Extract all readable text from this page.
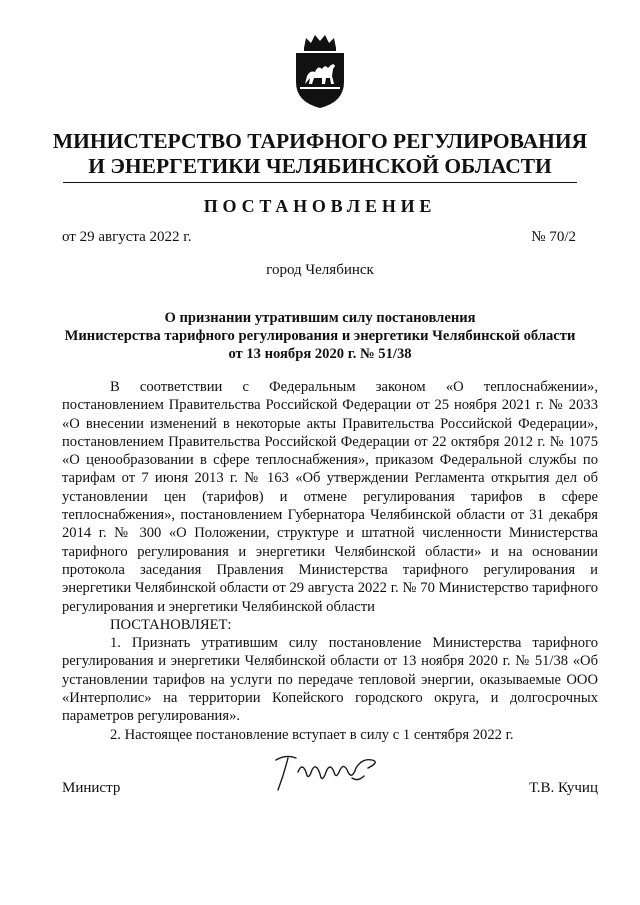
МИНИСТЕРСТВО ТАРИФНОГО РЕГУЛИРОВАНИЯ
И ЭНЕРГЕТИКИ ЧЕЛЯБИНСКОЙ ОБЛАСТИ
ПОСТАНОВЛЕНИЕ
от 29 августа 2022 г.	№ 70/2
город Челябинск
О признании утратившим силу постановления
Министерства тарифного регулирования и энергетики Челябинской области
от 13 ноября 2020 г. № 51/38

В соответствии с Федеральным законом «О теплоснабжении», постановлением Правительства Российской Федерации от 25 ноября 2021 г. № 2033 «О внесении изменений в некоторые акты Правительства Российской Федерации», постановлением Правительства Российской Федерации от 22 октября 2012 г. № 1075 «О ценообразовании в сфере теплоснабжения», приказом Федеральной службы по тарифам от 7 июня 2013 г. № 163 «Об утверждении Регламента открытия дел об установлении цен (тарифов) и отмене регулирования тарифов в сфере теплоснабжения», постановлением Губернатора Челябинской области от 31 декабря 2014 г. № 300 «О Положении, структуре и штатной численности Министерства тарифного регулирования и энергетики Челябинской области» и на основании протокола заседания Правления Министерства тарифного регулирования и энергетики Челябинской области от 29 августа 2022 г. № 70 Министерство тарифного регулирования и энергетики Челябинской области

ПОСТАНОВЛЯЕТ:

1. Признать утратившим силу постановление Министерства тарифного регулирования и энергетики Челябинской области от 13 ноября 2020 г. № 51/38 «Об установлении тарифов на услуги по передаче тепловой энергии, оказываемые ООО «Интерполис» на территории Копейского городского округа, и долгосрочных параметров регулирования».

2. Настоящее постановление вступает в силу с 1 сентября 2022 г.

Министр	Т.В. Кучиц
